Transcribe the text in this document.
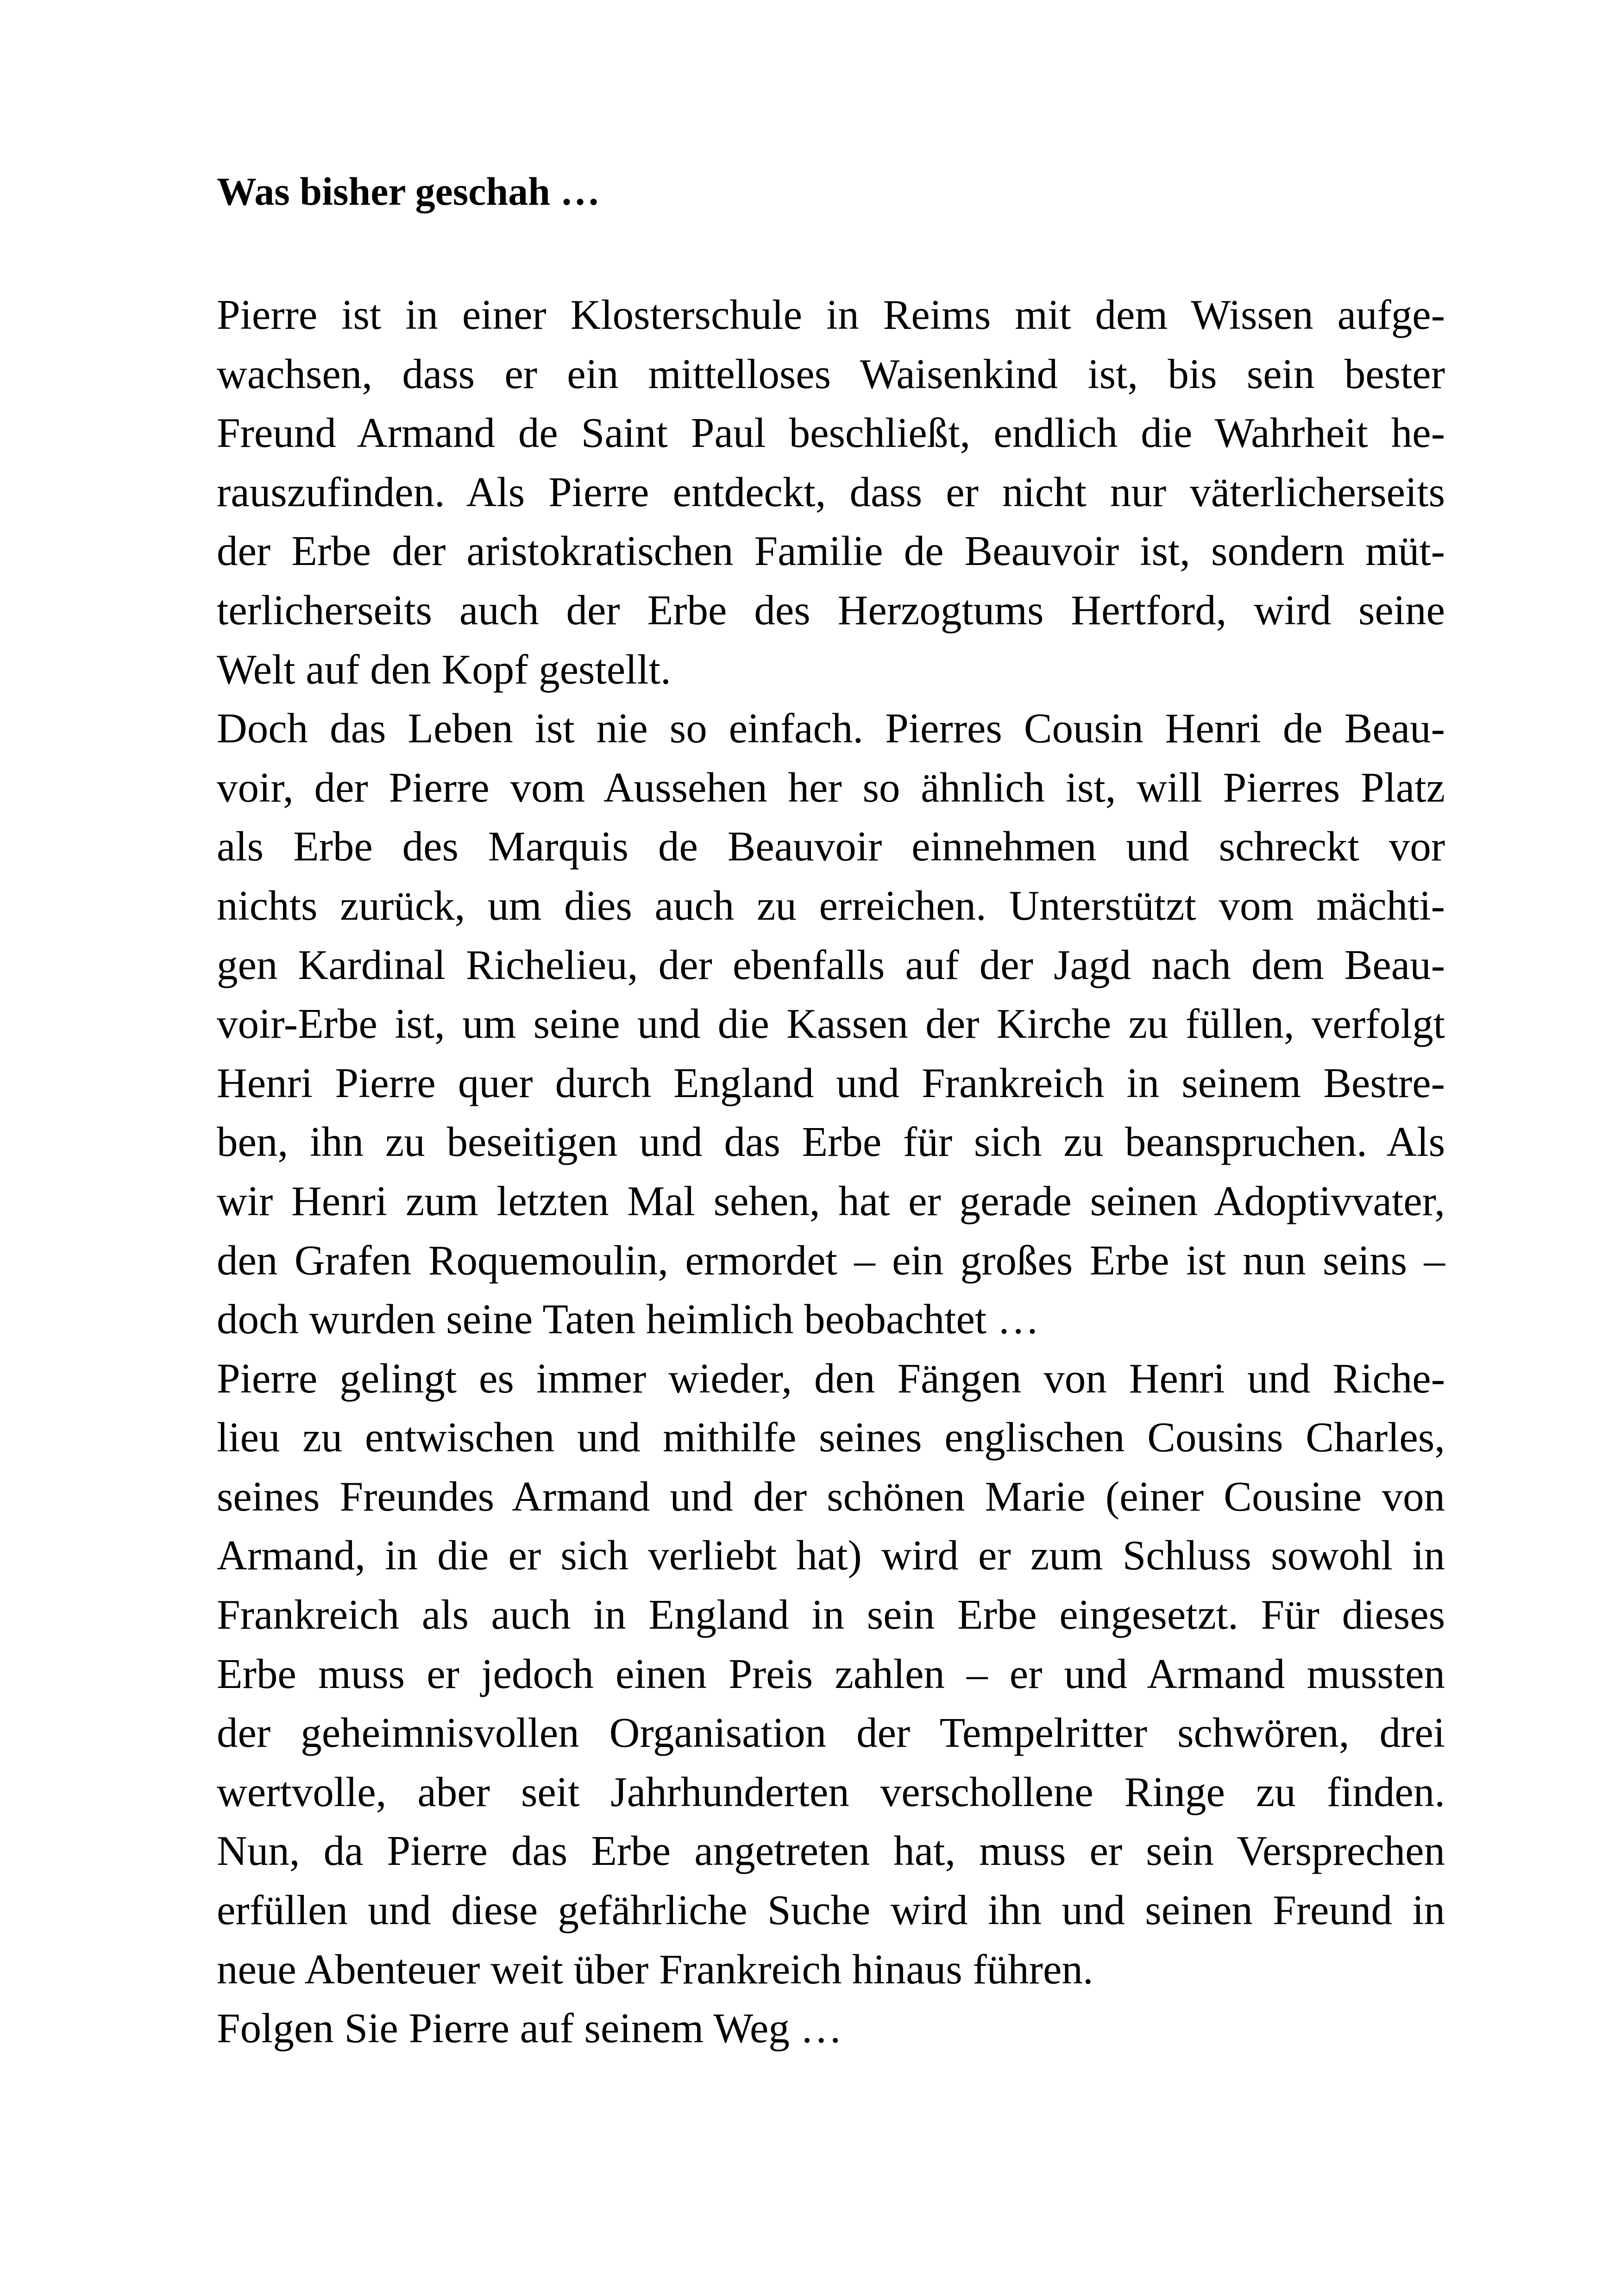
Was bisher geschah …
Pierre ist in einer Klosterschule in Reims mit dem Wissen aufge-
wachsen, dass er ein mittelloses Waisenkind ist, bis sein bester
Freund Armand de Saint Paul beschließt, endlich die Wahrheit he-
rauszufinden. Als Pierre entdeckt, dass er nicht nur väterlicherseits
der Erbe der aristokratischen Familie de Beauvoir ist, sondern müt-
terlicherseits auch der Erbe des Herzogtums Hertford, wird seine
Welt auf den Kopf gestellt.
Doch das Leben ist nie so einfach. Pierres Cousin Henri de Beau-
voir, der Pierre vom Aussehen her so ähnlich ist, will Pierres Platz
als Erbe des Marquis de Beauvoir einnehmen und schreckt vor
nichts zurück, um dies auch zu erreichen. Unterstützt vom mächti-
gen Kardinal Richelieu, der ebenfalls auf der Jagd nach dem Beau-
voir-Erbe ist, um seine und die Kassen der Kirche zu füllen, verfolgt
Henri Pierre quer durch England und Frankreich in seinem Bestre-
ben, ihn zu beseitigen und das Erbe für sich zu beanspruchen. Als
wir Henri zum letzten Mal sehen, hat er gerade seinen Adoptivvater,
den Grafen Roquemoulin, ermordet – ein großes Erbe ist nun seins –
doch wurden seine Taten heimlich beobachtet …
Pierre gelingt es immer wieder, den Fängen von Henri und Riche-
lieu zu entwischen und mithilfe seines englischen Cousins Charles,
seines Freundes Armand und der schönen Marie (einer Cousine von
Armand, in die er sich verliebt hat) wird er zum Schluss sowohl in
Frankreich als auch in England in sein Erbe eingesetzt. Für dieses
Erbe muss er jedoch einen Preis zahlen – er und Armand mussten
der geheimnisvollen Organisation der Tempelritter schwören, drei
wertvolle, aber seit Jahrhunderten verschollene Ringe zu finden.
Nun, da Pierre das Erbe angetreten hat, muss er sein Versprechen
erfüllen und diese gefährliche Suche wird ihn und seinen Freund in
neue Abenteuer weit über Frankreich hinaus führen.
Folgen Sie Pierre auf seinem Weg …
